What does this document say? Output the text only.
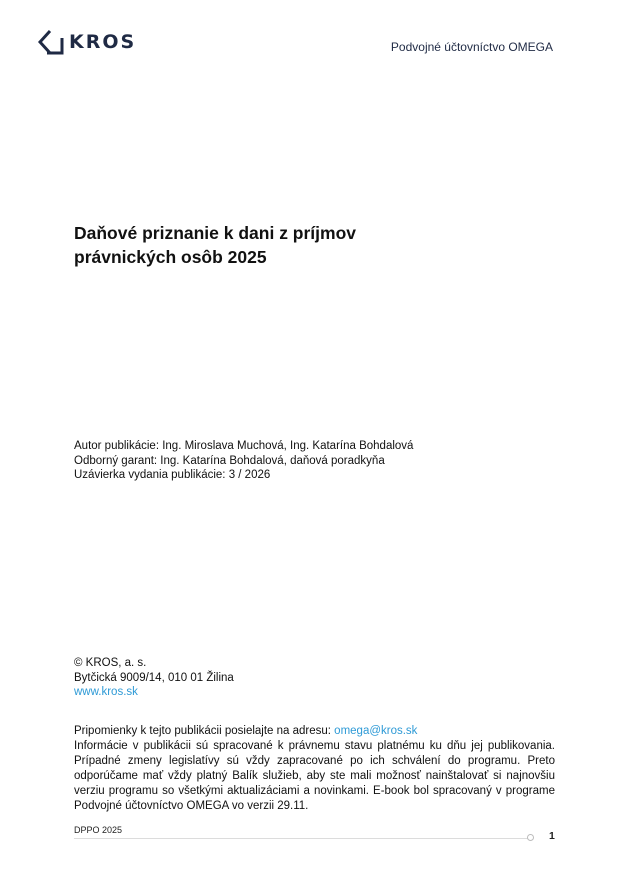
KROS	Podvojné účtovníctvo OMEGA
Daňové priznanie k dani z príjmov
právnických osôb 2025
Autor publikácie: Ing. Miroslava Muchová, Ing. Katarína Bohdalová
Odborný garant: Ing. Katarína Bohdalová, daňová poradkyňa
Uzávierka vydania publikácie: 3 / 2026
© KROS, a. s.
Bytčická 9009/14, 010 01 Žilina
www.kros.sk

Pripomienky k tejto publikácii posielajte na adresu: omega@kros.sk

Informácie v publikácii sú spracované k právnemu stavu platnému ku dňu jej publikovania. Prípadné zmeny legislatívy sú vždy zapracované po ich schválení do programu. Preto odporúčame mať vždy platný Balík služieb, aby ste mali možnosť nainštalovať si najnovšiu verziu programu so všetkými aktualizáciami a novinkami. E-book bol spracovaný v programe Podvojné účtovníctvo OMEGA vo verzii 29.11.

DPPO 2025	1
